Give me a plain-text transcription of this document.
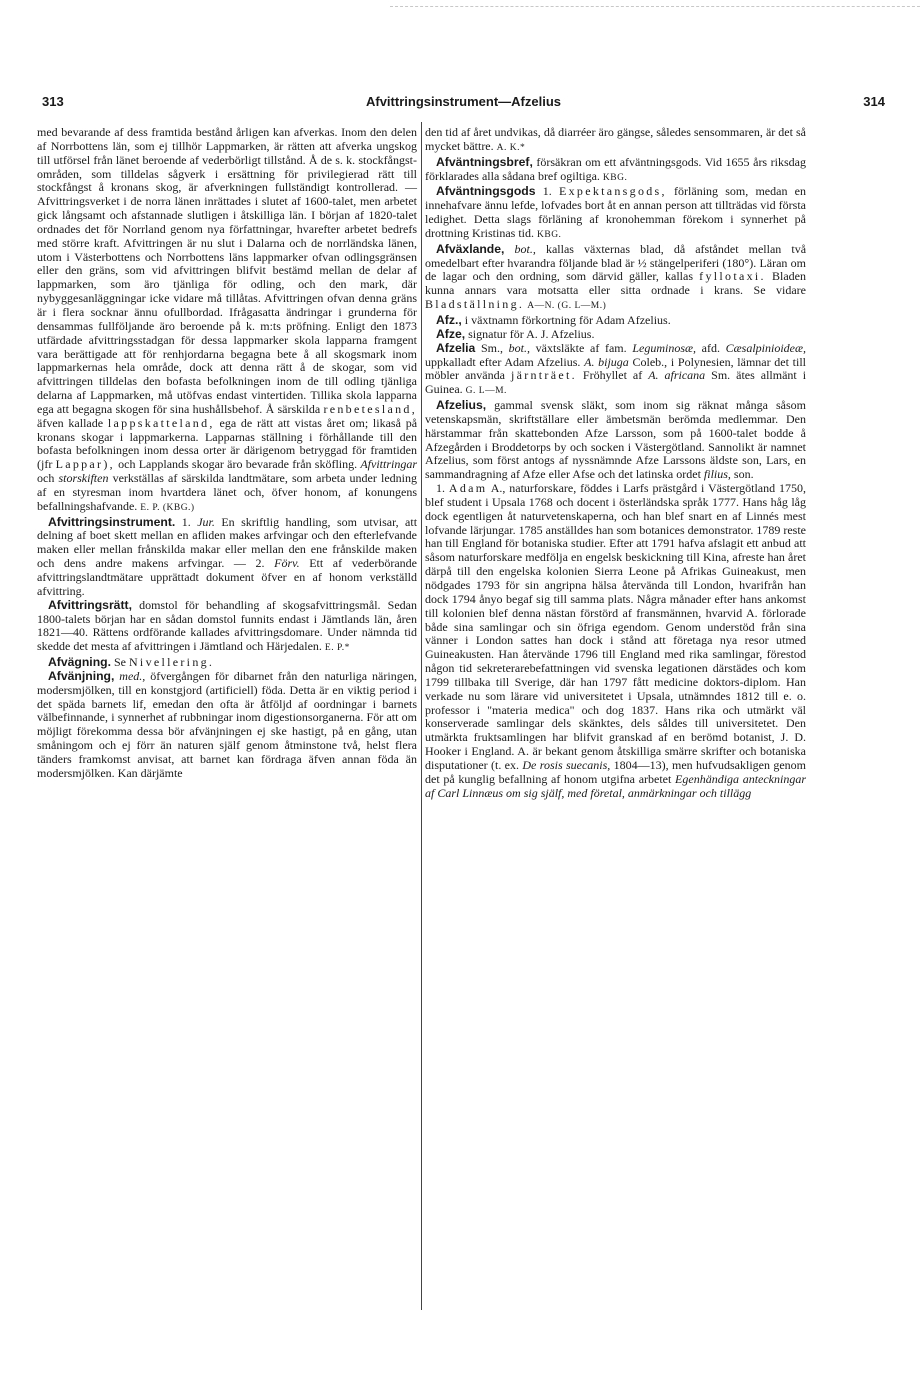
313	Afvittringsinstrument—Afzelius	314

med bevarande af dess framtida bestånd årligen kan afverkas. Inom den delen af Norrbottens län, som ej tillhör Lappmarken, är rätten att afverka ungskog till utförsel från länet beroende af vederbörligt tillstånd. Å de s. k. stockfångst-områden, som tilldelas sågverk i ersättning för privilegierad rätt till stockfångst å kronans skog, är afverkningen fullständigt kontrollerad. — Afvittringsverket i de norra länen inrättades i slutet af 1600-talet, men arbetet gick långsamt och afstannade slutligen i åtskilliga län. I början af 1820-talet ordnades det för Norrland genom nya författningar, hvarefter arbetet bedrefs med större kraft. Afvittringen är nu slut i Dalarna och de norrländska länen, utom i Västerbottens och Norrbottens läns lappmarker ofvan odlingsgränsen eller den gräns, som vid afvittringen blifvit bestämd mellan de delar af lappmarken, som äro tjänliga för odling, och den mark, där nybyggesanläggningar icke vidare må tillåtas. Afvittringen ofvan denna gräns är i flera socknar ännu ofullbordad. Ifrågasatta ändringar i grunderna för densammas fullföljande äro beroende på k. m:ts pröfning. Enligt den 1873 utfärdade afvittringsstadgan för dessa lappmarker skola lapparna framgent vara berättigade att för renhjordarna begagna bete å all skogsmark inom lappmarkernas hela område, dock att denna rätt å de skogar, som vid afvittringen tilldelas den bofasta befolkningen inom de till odling tjänliga delarna af Lappmarken, må utöfvas endast vintertiden. Tillika skola lapparna ega att begagna skogen för sina hushållsbehof. Å särskilda renbetesland, äfven kallade lappskatteland, ega de rätt att vistas året om; likaså på kronans skogar i lappmarkerna. Lapparnas ställning i förhållande till den bofasta befolkningen inom dessa orter är därigenom betryggad för framtiden (jfr Lappar), och Lapplands skogar äro bevarade från sköfling. Afvittringar och storskiften verkställas af särskilda landtmätare, som arbeta under ledning af en styresman inom hvartdera länet och, öfver honom, af konungens befallningshafvande. E. P. (KBG.)

Afvittringsinstrument. 1. Jur. En skriftlig handling, som utvisar, att delning af boet skett mellan en afliden makes arfvingar och den efterlefvande maken eller mellan frånskilda makar eller mellan den ene frånskilde maken och dens andre makens arfvingar. — 2. Förv. Ett af vederbörande afvittringslandtmätare upprättadt dokument öfver en af honom verkställd afvittring.

Afvittringsrätt, domstol för behandling af skogsafvittringsmål. Sedan 1800-talets början har en sådan domstol funnits endast i Jämtlands län, åren 1821—40. Rättens ordförande kallades afvittringsdomare. Under nämnda tid skedde det mesta af afvittringen i Jämtland och Härjedalen. E. P.*

Afvägning. Se Nivellering.

Afvänjning, med., öfvergången för dibarnet från den naturliga näringen, modersmjölken, till en konstgjord (artificiell) föda. Detta är en viktig period i det späda barnets lif, emedan den ofta är åtföljd af oordningar i barnets välbefinnande, i synnerhet af rubbningar inom digestionsorganerna. För att om möjligt förekomma dessa bör afvänjningen ej ske hastigt, på en gång, utan småningom och ej förr än naturen själf genom åtminstone två, helst flera tänders framkomst anvisat, att barnet kan fördraga äfven annan föda än modersmjölken. Kan därjämte

den tid af året undvikas, då diarréer äro gängse, således sensommaren, är det så mycket bättre. A. K.*

Afväntningsbref, försäkran om ett afväntningsgods. Vid 1655 års riksdag förklarades alla sådana bref ogiltiga. KBG.

Afväntningsgods 1. Expektansgods, förläning som, medan en innehafvare ännu lefde, lofvades bort åt en annan person att tillträdas vid första ledighet. Detta slags förläning af kronohemman förekom i synnerhet på drottning Kristinas tid. KBG.

Afväxlande, bot., kallas växternas blad, då afståndet mellan två omedelbart efter hvarandra följande blad är ½ stängelperiferi (180°). Läran om de lagar och den ordning, som därvid gäller, kallas fyllotaxi. Bladen kunna annars vara motsatta eller sitta ordnade i krans. Se vidare Bladställning. A—N. (G. L—M.)

Afz., i växtnamn förkortning för Adam Afzelius.

Afze, signatur för A. J. Afzelius.

Afzelia Sm., bot., växtsläkte af fam. Leguminosæ, afd. Cæsalpinioideæ, uppkalladt efter Adam Afzelius. A. bijuga Coleb., i Polynesien, lämnar det till möbler använda järnträet. Fröhyllet af A. africana Sm. ätes allmänt i Guinea. G. L—M.

Afzelius, gammal svensk släkt, som inom sig räknat många såsom vetenskapsmän, skriftställare eller ämbetsmän berömda medlemmar. Den härstammar från skattebonden Afze Larsson, som på 1600-talet bodde å Afzegården i Broddetorps by och socken i Västergötland. Sannolikt är namnet Afzelius, som först antogs af nyssnämnde Afze Larssons äldste son, Lars, en sammandragning af Afze eller Afse och det latinska ordet filius, son.

1. Adam A., naturforskare, föddes i Larfs prästgård i Västergötland 1750, blef student i Upsala 1768 och docent i österländska språk 1777. Hans håg låg dock egentligen åt naturvetenskaperna, och han blef snart en af Linnés mest lofvande lärjungar. 1785 anställdes han som botanices demonstrator. 1789 reste han till England för botaniska studier. Efter att 1791 hafva afslagit ett anbud att såsom naturforskare medfölja en engelsk beskickning till Kina, afreste han året därpå till den engelska kolonien Sierra Leone på Afrikas Guineakust, men nödgades 1793 för sin angripna hälsa återvända till London, hvarifrån han dock 1794 ånyo begaf sig till samma plats. Några månader efter hans ankomst till kolonien blef denna nästan förstörd af fransmännen, hvarvid A. förlorade både sina samlingar och sin öfriga egendom. Genom understöd från sina vänner i London sattes han dock i stånd att företaga nya resor utmed Guineakusten. Han återvände 1796 till England med rika samlingar, förestod någon tid sekreterarebefattningen vid svenska legationen därstädes och kom 1799 tillbaka till Sverige, där han 1797 fått medicine doktors-diplom. Han verkade nu som lärare vid universitetet i Upsala, utnämndes 1812 till e. o. professor i "materia medica" och dog 1837. Hans rika och utmärkt väl konserverade samlingar dels skänktes, dels såldes till universitetet. Den utmärkta fruktsamlingen har blifvit granskad af en berömd botanist, J. D. Hooker i England. A. är bekant genom åtskilliga smärre skrifter och botaniska disputationer (t. ex. De rosis suecanis, 1804—13), men hufvudsakligen genom det på kunglig befallning af honom utgifna arbetet Egenhändiga anteckningar af Carl Linnæus om sig själf, med företal, anmärkningar och tillägg
